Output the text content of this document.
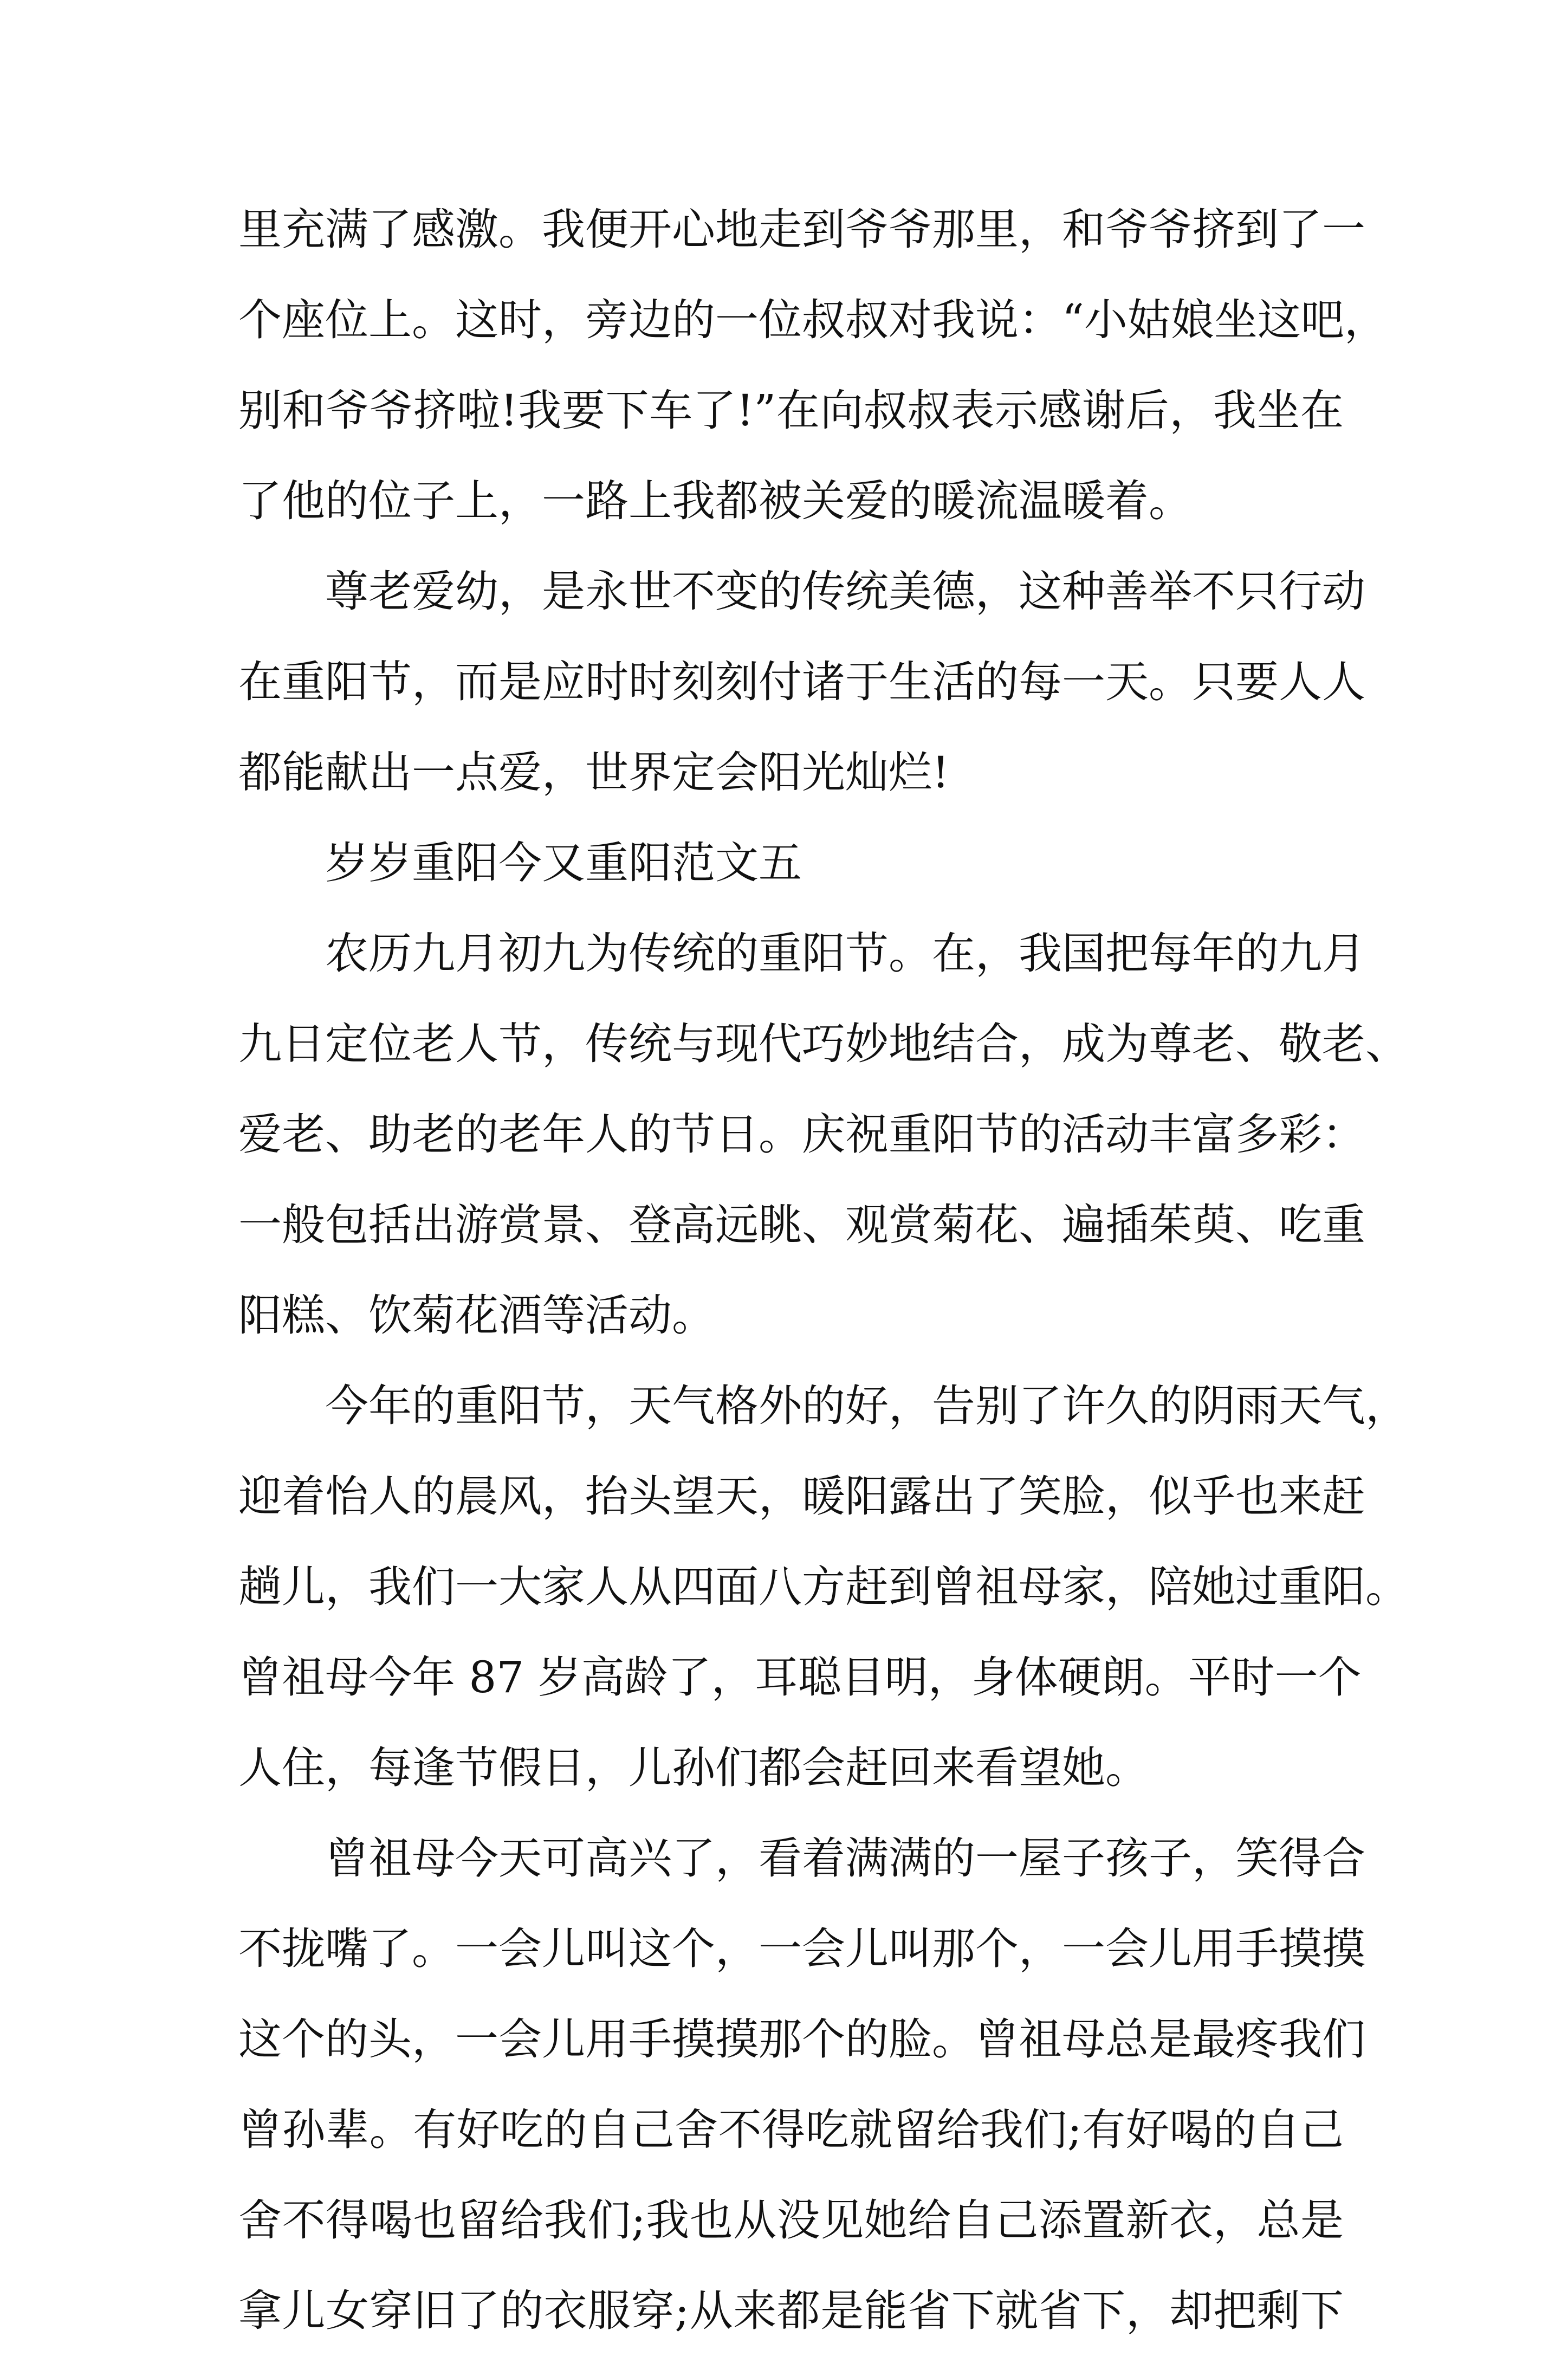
里充满了感激。我便开心地走到爷爷那里，和爷爷挤到了一
个座位上。这时，旁边的一位叔叔对我说：“小姑娘坐这吧，
别和爷爷挤啦!我要下车了!”在向叔叔表示感谢后，我坐在
了他的位子上，一路上我都被关爱的暖流温暖着。
尊老爱幼，是永世不变的传统美德，这种善举不只行动
在重阳节，而是应时时刻刻付诸于生活的每一天。只要人人
都能献出一点爱，世界定会阳光灿烂!
岁岁重阳今又重阳范文五
农历九月初九为传统的重阳节。在，我国把每年的九月
九日定位老人节，传统与现代巧妙地结合，成为尊老、敬老、
爱老、助老的老年人的节日。庆祝重阳节的活动丰富多彩：
一般包括出游赏景、登高远眺、观赏菊花、遍插茱萸、吃重
阳糕、饮菊花酒等活动。
今年的重阳节，天气格外的好，告别了许久的阴雨天气，
迎着怡人的晨风，抬头望天，暖阳露出了笑脸，似乎也来赶
趟儿，我们一大家人从四面八方赶到曾祖母家，陪她过重阳。
曾祖母今年 87 岁高龄了，耳聪目明，身体硬朗。平时一个
人住，每逢节假日，儿孙们都会赶回来看望她。
曾祖母今天可高兴了，看着满满的一屋子孩子，笑得合
不拢嘴了。一会儿叫这个，一会儿叫那个，一会儿用手摸摸
这个的头，一会儿用手摸摸那个的脸。曾祖母总是最疼我们
曾孙辈。有好吃的自己舍不得吃就留给我们;有好喝的自己
舍不得喝也留给我们;我也从没见她给自己添置新衣，总是
拿儿女穿旧了的衣服穿;从来都是能省下就省下，却把剩下
